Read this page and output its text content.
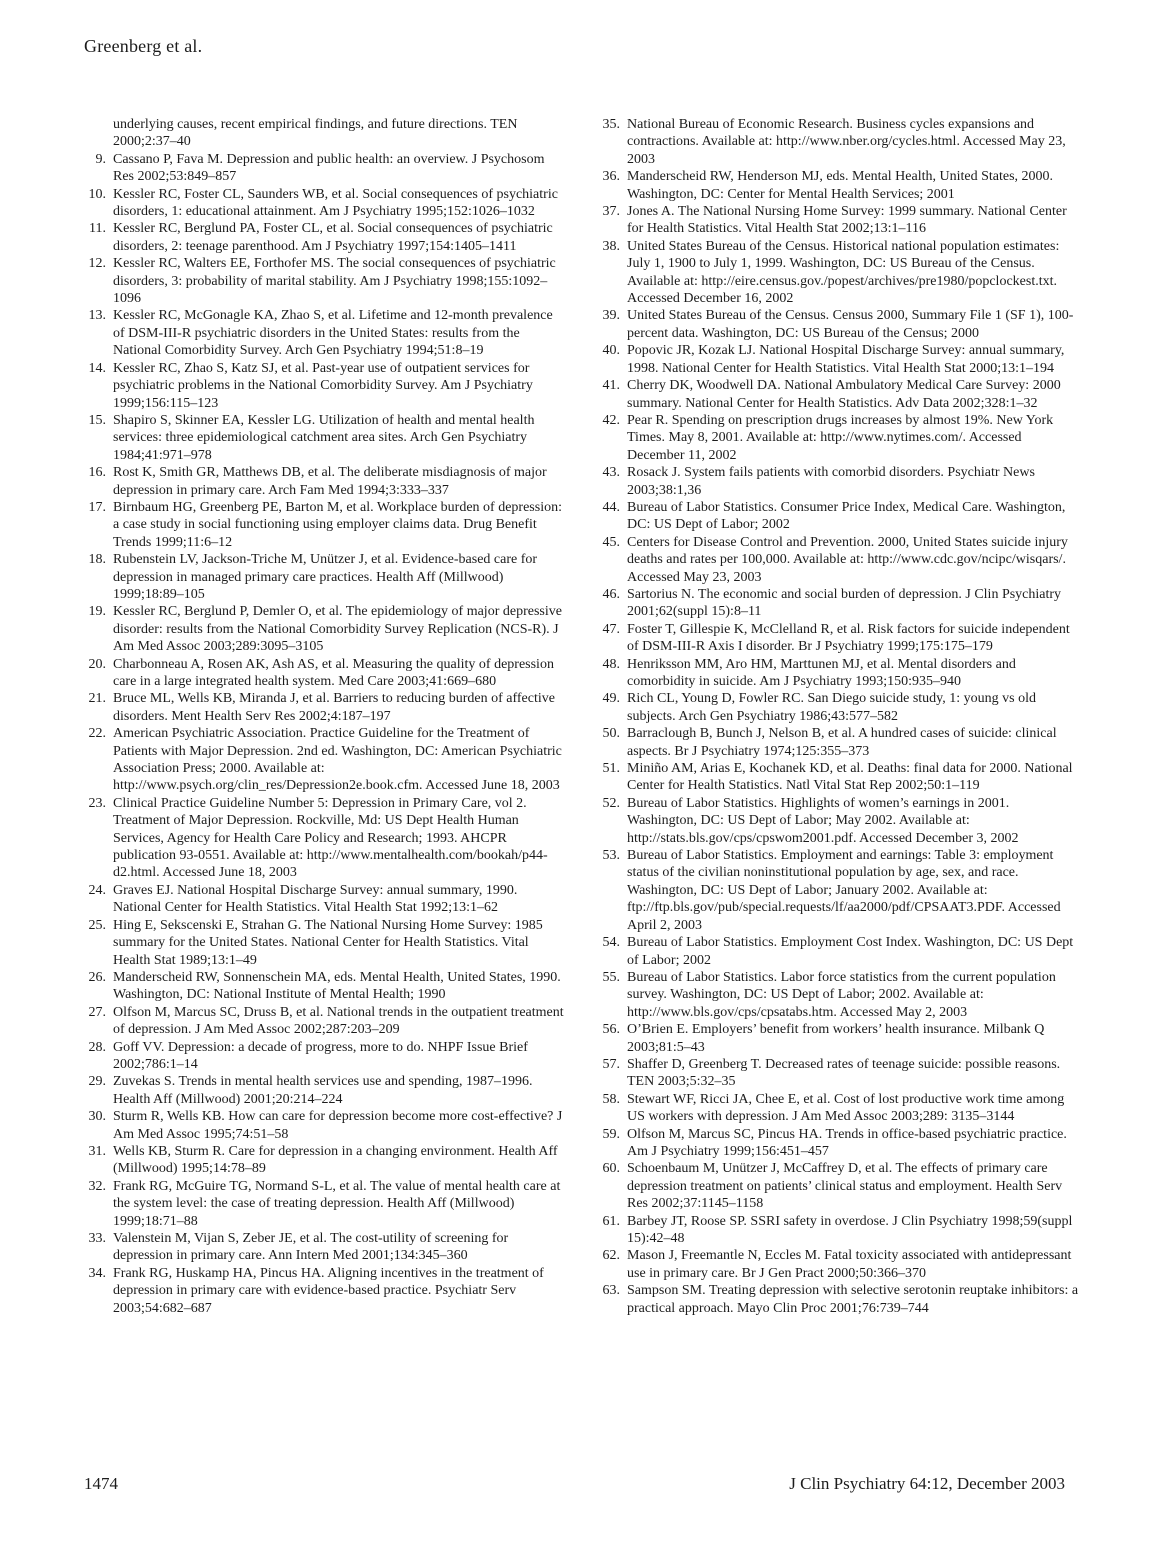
Greenberg et al.
underlying causes, recent empirical findings, and future directions. TEN 2000;2:37–40
9. Cassano P, Fava M. Depression and public health: an overview. J Psychosom Res 2002;53:849–857
10. Kessler RC, Foster CL, Saunders WB, et al. Social consequences of psychiatric disorders, 1: educational attainment. Am J Psychiatry 1995;152:1026–1032
11. Kessler RC, Berglund PA, Foster CL, et al. Social consequences of psychiatric disorders, 2: teenage parenthood. Am J Psychiatry 1997;154:1405–1411
12. Kessler RC, Walters EE, Forthofer MS. The social consequences of psychiatric disorders, 3: probability of marital stability. Am J Psychiatry 1998;155:1092–1096
13. Kessler RC, McGonagle KA, Zhao S, et al. Lifetime and 12-month prevalence of DSM-III-R psychiatric disorders in the United States: results from the National Comorbidity Survey. Arch Gen Psychiatry 1994;51:8–19
14. Kessler RC, Zhao S, Katz SJ, et al. Past-year use of outpatient services for psychiatric problems in the National Comorbidity Survey. Am J Psychiatry 1999;156:115–123
15. Shapiro S, Skinner EA, Kessler LG. Utilization of health and mental health services: three epidemiological catchment area sites. Arch Gen Psychiatry 1984;41:971–978
16. Rost K, Smith GR, Matthews DB, et al. The deliberate misdiagnosis of major depression in primary care. Arch Fam Med 1994;3:333–337
17. Birnbaum HG, Greenberg PE, Barton M, et al. Workplace burden of depression: a case study in social functioning using employer claims data. Drug Benefit Trends 1999;11:6–12
18. Rubenstein LV, Jackson-Triche M, Unützer J, et al. Evidence-based care for depression in managed primary care practices. Health Aff (Millwood) 1999;18:89–105
19. Kessler RC, Berglund P, Demler O, et al. The epidemiology of major depressive disorder: results from the National Comorbidity Survey Replication (NCS-R). J Am Med Assoc 2003;289:3095–3105
20. Charbonneau A, Rosen AK, Ash AS, et al. Measuring the quality of depression care in a large integrated health system. Med Care 2003;41:669–680
21. Bruce ML, Wells KB, Miranda J, et al. Barriers to reducing burden of affective disorders. Ment Health Serv Res 2002;4:187–197
22. American Psychiatric Association. Practice Guideline for the Treatment of Patients with Major Depression. 2nd ed. Washington, DC: American Psychiatric Association Press; 2000. Available at: http://www.psych.org/clin_res/Depression2e.book.cfm. Accessed June 18, 2003
23. Clinical Practice Guideline Number 5: Depression in Primary Care, vol 2. Treatment of Major Depression. Rockville, Md: US Dept Health Human Services, Agency for Health Care Policy and Research; 1993. AHCPR publication 93-0551. Available at: http://www.mentalhealth.com/bookah/p44-d2.html. Accessed June 18, 2003
24. Graves EJ. National Hospital Discharge Survey: annual summary, 1990. National Center for Health Statistics. Vital Health Stat 1992;13:1–62
25. Hing E, Sekscenski E, Strahan G. The National Nursing Home Survey: 1985 summary for the United States. National Center for Health Statistics. Vital Health Stat 1989;13:1–49
26. Manderscheid RW, Sonnenschein MA, eds. Mental Health, United States, 1990. Washington, DC: National Institute of Mental Health; 1990
27. Olfson M, Marcus SC, Druss B, et al. National trends in the outpatient treatment of depression. J Am Med Assoc 2002;287:203–209
28. Goff VV. Depression: a decade of progress, more to do. NHPF Issue Brief 2002;786:1–14
29. Zuvekas S. Trends in mental health services use and spending, 1987–1996. Health Aff (Millwood) 2001;20:214–224
30. Sturm R, Wells KB. How can care for depression become more cost-effective? J Am Med Assoc 1995;74:51–58
31. Wells KB, Sturm R. Care for depression in a changing environment. Health Aff (Millwood) 1995;14:78–89
32. Frank RG, McGuire TG, Normand S-L, et al. The value of mental health care at the system level: the case of treating depression. Health Aff (Millwood) 1999;18:71–88
33. Valenstein M, Vijan S, Zeber JE, et al. The cost-utility of screening for depression in primary care. Ann Intern Med 2001;134:345–360
34. Frank RG, Huskamp HA, Pincus HA. Aligning incentives in the treatment of depression in primary care with evidence-based practice. Psychiatr Serv 2003;54:682–687
35. National Bureau of Economic Research. Business cycles expansions and contractions. Available at: http://www.nber.org/cycles.html. Accessed May 23, 2003
36. Manderscheid RW, Henderson MJ, eds. Mental Health, United States, 2000. Washington, DC: Center for Mental Health Services; 2001
37. Jones A. The National Nursing Home Survey: 1999 summary. National Center for Health Statistics. Vital Health Stat 2002;13:1–116
38. United States Bureau of the Census. Historical national population estimates: July 1, 1900 to July 1, 1999. Washington, DC: US Bureau of the Census. Available at: http://eire.census.gov./popest/archives/pre1980/popclockest.txt. Accessed December 16, 2002
39. United States Bureau of the Census. Census 2000, Summary File 1 (SF 1), 100-percent data. Washington, DC: US Bureau of the Census; 2000
40. Popovic JR, Kozak LJ. National Hospital Discharge Survey: annual summary, 1998. National Center for Health Statistics. Vital Health Stat 2000;13:1–194
41. Cherry DK, Woodwell DA. National Ambulatory Medical Care Survey: 2000 summary. National Center for Health Statistics. Adv Data 2002;328:1–32
42. Pear R. Spending on prescription drugs increases by almost 19%. New York Times. May 8, 2001. Available at: http://www.nytimes.com/. Accessed December 11, 2002
43. Rosack J. System fails patients with comorbid disorders. Psychiatr News 2003;38:1,36
44. Bureau of Labor Statistics. Consumer Price Index, Medical Care. Washington, DC: US Dept of Labor; 2002
45. Centers for Disease Control and Prevention. 2000, United States suicide injury deaths and rates per 100,000. Available at: http://www.cdc.gov/ncipc/wisqars/. Accessed May 23, 2003
46. Sartorius N. The economic and social burden of depression. J Clin Psychiatry 2001;62(suppl 15):8–11
47. Foster T, Gillespie K, McClelland R, et al. Risk factors for suicide independent of DSM-III-R Axis I disorder. Br J Psychiatry 1999;175:175–179
48. Henriksson MM, Aro HM, Marttunen MJ, et al. Mental disorders and comorbidity in suicide. Am J Psychiatry 1993;150:935–940
49. Rich CL, Young D, Fowler RC. San Diego suicide study, 1: young vs old subjects. Arch Gen Psychiatry 1986;43:577–582
50. Barraclough B, Bunch J, Nelson B, et al. A hundred cases of suicide: clinical aspects. Br J Psychiatry 1974;125:355–373
51. Miniño AM, Arias E, Kochanek KD, et al. Deaths: final data for 2000. National Center for Health Statistics. Natl Vital Stat Rep 2002;50:1–119
52. Bureau of Labor Statistics. Highlights of women’s earnings in 2001. Washington, DC: US Dept of Labor; May 2002. Available at: http://stats.bls.gov/cps/cpswom2001.pdf. Accessed December 3, 2002
53. Bureau of Labor Statistics. Employment and earnings: Table 3: employment status of the civilian noninstitutional population by age, sex, and race. Washington, DC: US Dept of Labor; January 2002. Available at: ftp://ftp.bls.gov/pub/special.requests/lf/aa2000/pdf/CPSAAT3.PDF. Accessed April 2, 2003
54. Bureau of Labor Statistics. Employment Cost Index. Washington, DC: US Dept of Labor; 2002
55. Bureau of Labor Statistics. Labor force statistics from the current population survey. Washington, DC: US Dept of Labor; 2002. Available at: http://www.bls.gov/cps/cpsatabs.htm. Accessed May 2, 2003
56. O’Brien E. Employers’ benefit from workers’ health insurance. Milbank Q 2003;81:5–43
57. Shaffer D, Greenberg T. Decreased rates of teenage suicide: possible reasons. TEN 2003;5:32–35
58. Stewart WF, Ricci JA, Chee E, et al. Cost of lost productive work time among US workers with depression. J Am Med Assoc 2003;289: 3135–3144
59. Olfson M, Marcus SC, Pincus HA. Trends in office-based psychiatric practice. Am J Psychiatry 1999;156:451–457
60. Schoenbaum M, Unützer J, McCaffrey D, et al. The effects of primary care depression treatment on patients’ clinical status and employment. Health Serv Res 2002;37:1145–1158
61. Barbey JT, Roose SP. SSRI safety in overdose. J Clin Psychiatry 1998;59(suppl 15):42–48
62. Mason J, Freemantle N, Eccles M. Fatal toxicity associated with antidepressant use in primary care. Br J Gen Pract 2000;50:366–370
63. Sampson SM. Treating depression with selective serotonin reuptake inhibitors: a practical approach. Mayo Clin Proc 2001;76:739–744
1474	J Clin Psychiatry 64:12, December 2003
